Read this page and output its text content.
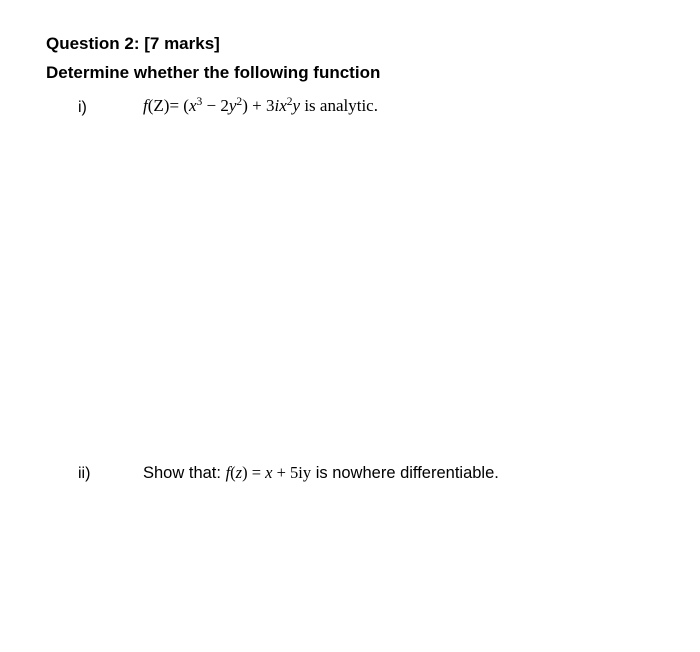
Question 2: [7 marks]
Determine whether the following function
i)	$f(Z)= (x^3 - 2y^2) + 3ix^2y$ is analytic.
ii)	Show that: f(z) = x + 5iy is nowhere differentiable.
